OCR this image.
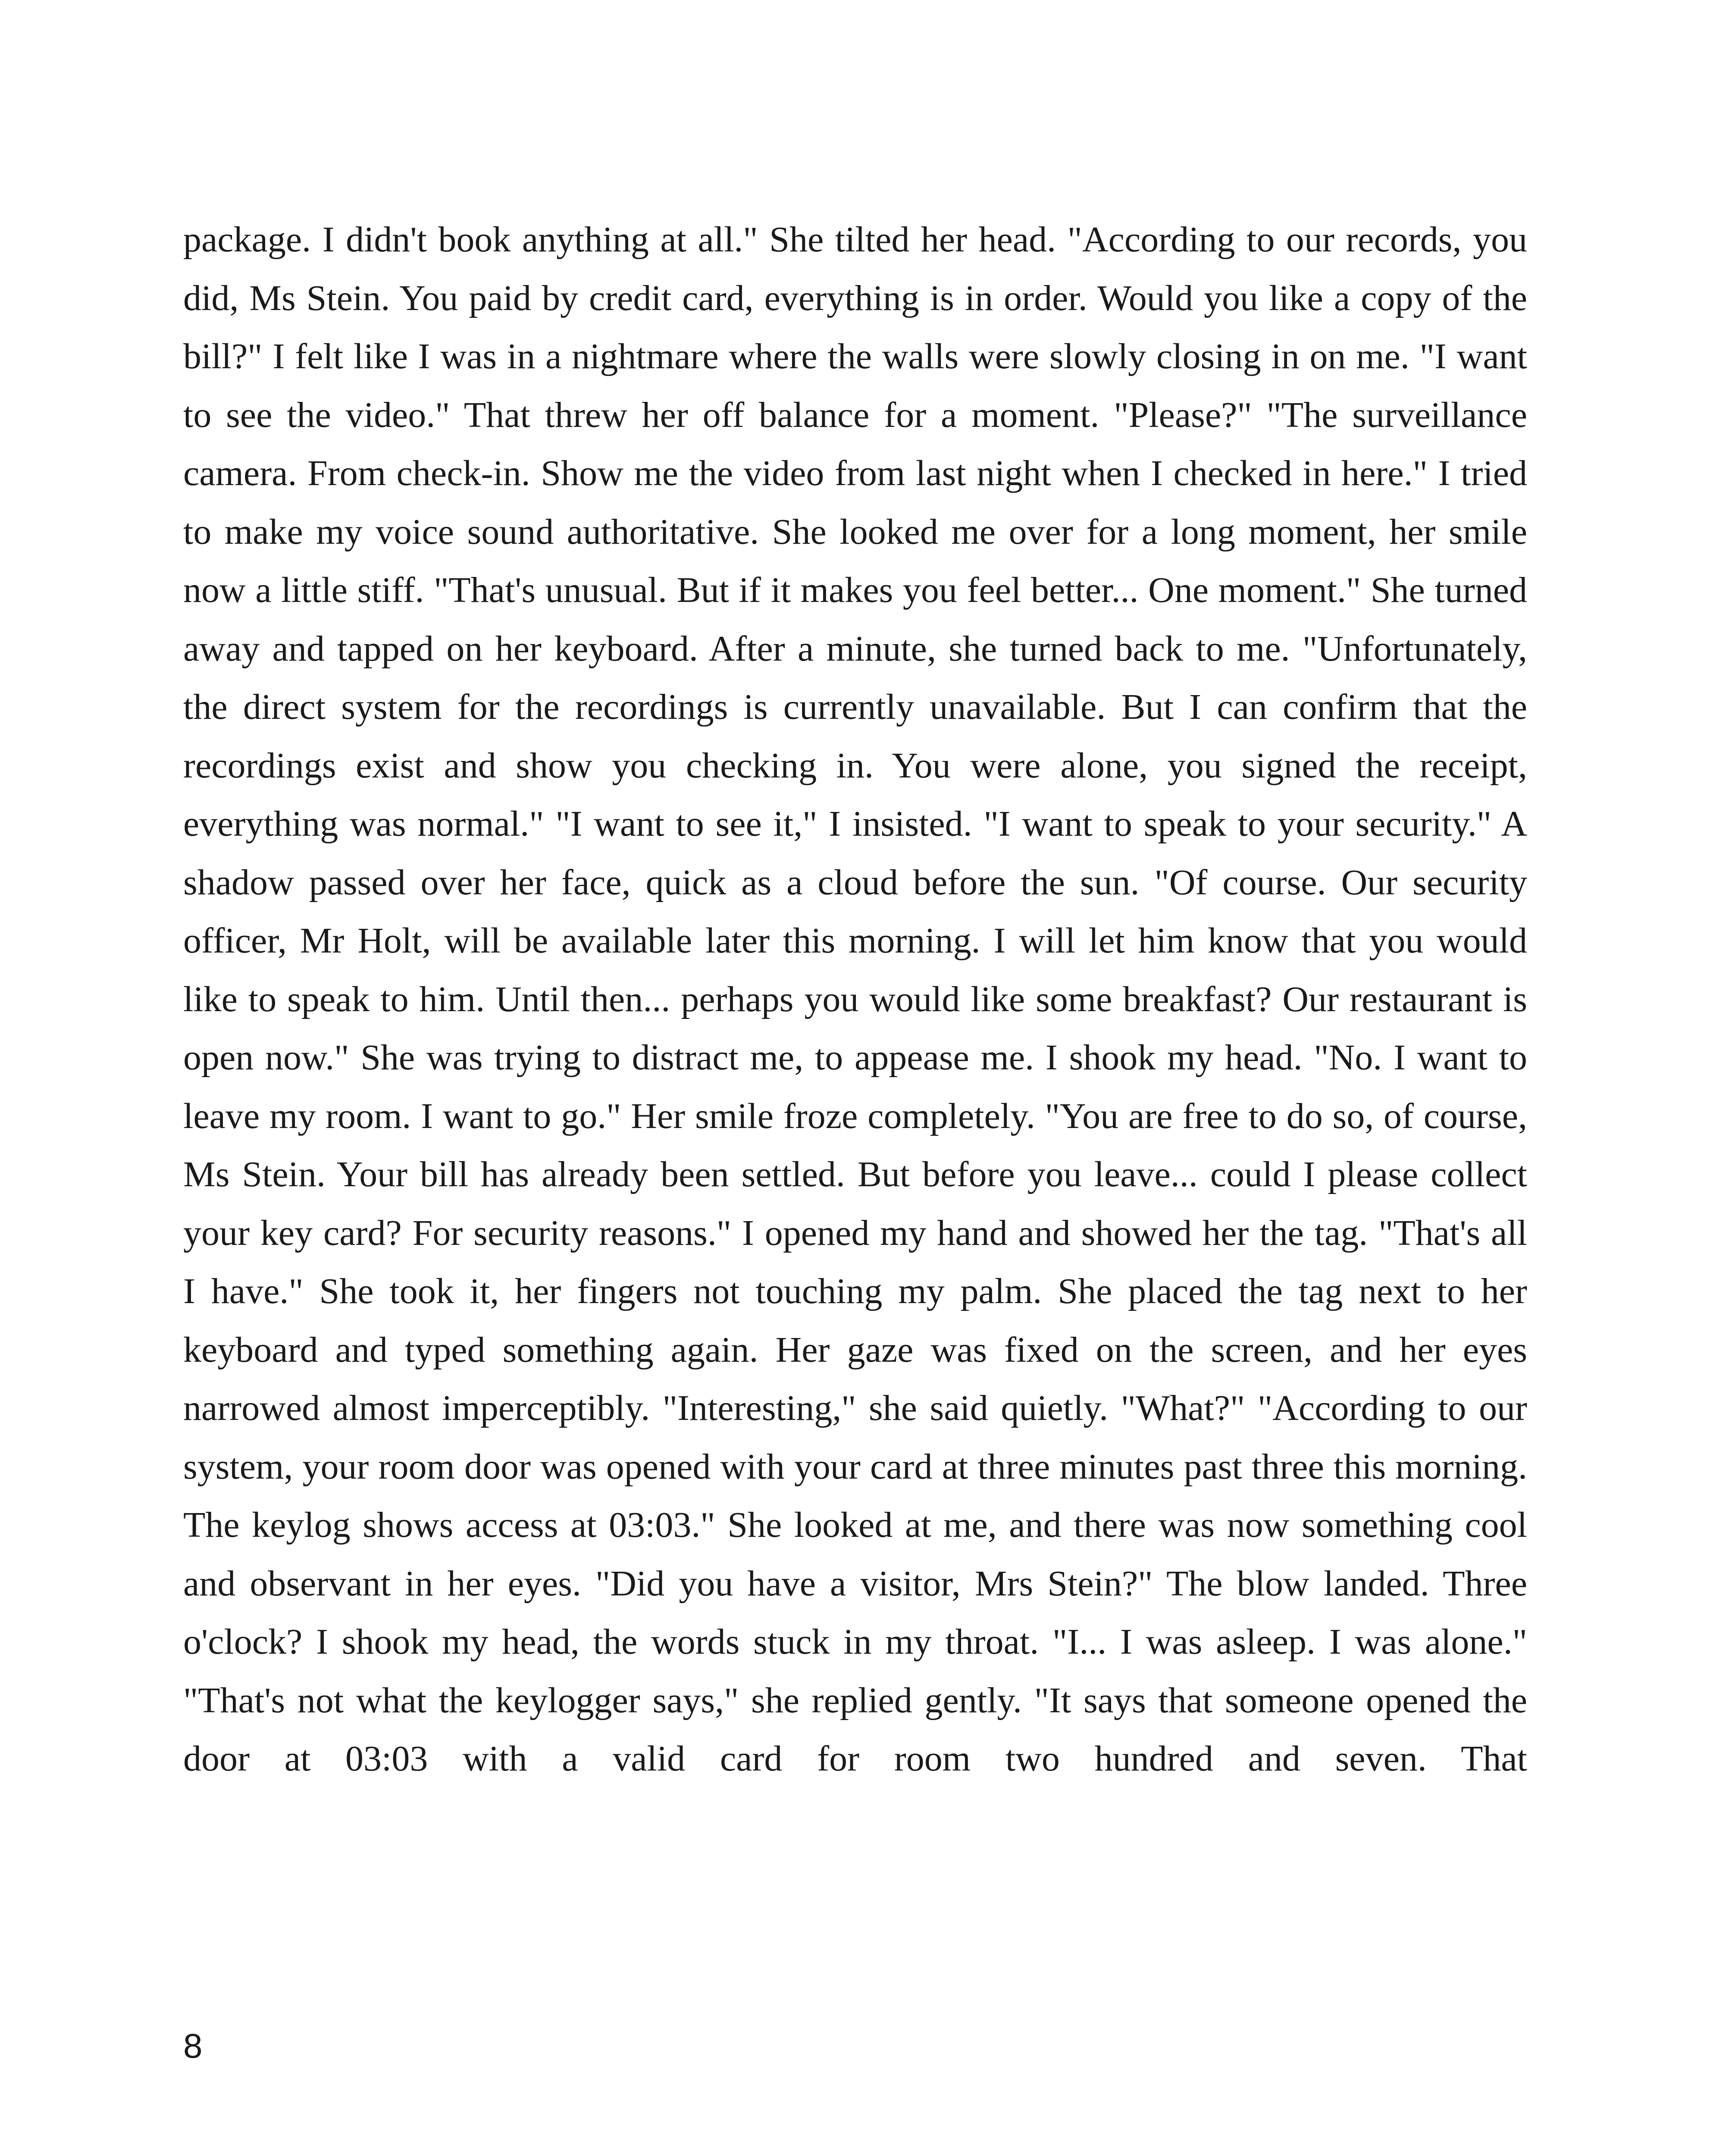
package. I didn't book anything at all." She tilted her head. "According to our records, you did, Ms Stein. You paid by credit card, everything is in order. Would you like a copy of the bill?" I felt like I was in a nightmare where the walls were slowly closing in on me. "I want to see the video." That threw her off balance for a moment. "Please?" "The surveillance camera. From check-in. Show me the video from last night when I checked in here." I tried to make my voice sound authoritative. She looked me over for a long moment, her smile now a little stiff. "That's unusual. But if it makes you feel better... One moment." She turned away and tapped on her keyboard. After a minute, she turned back to me. "Unfortunately, the direct system for the recordings is currently unavailable. But I can confirm that the recordings exist and show you checking in. You were alone, you signed the receipt, everything was normal." "I want to see it," I insisted. "I want to speak to your security." A shadow passed over her face, quick as a cloud before the sun. "Of course. Our security officer, Mr Holt, will be available later this morning. I will let him know that you would like to speak to him. Until then... perhaps you would like some breakfast? Our restaurant is open now." She was trying to distract me, to appease me. I shook my head. "No. I want to leave my room. I want to go." Her smile froze completely. "You are free to do so, of course, Ms Stein. Your bill has already been settled. But before you leave... could I please collect your key card? For security reasons." I opened my hand and showed her the tag. "That's all I have." She took it, her fingers not touching my palm. She placed the tag next to her keyboard and typed something again. Her gaze was fixed on the screen, and her eyes narrowed almost imperceptibly. "Interesting," she said quietly. "What?" "According to our system, your room door was opened with your card at three minutes past three this morning. The keylog shows access at 03:03." She looked at me, and there was now something cool and observant in her eyes. "Did you have a visitor, Mrs Stein?" The blow landed. Three o'clock? I shook my head, the words stuck in my throat. "I... I was asleep. I was alone." "That's not what the keylogger says," she replied gently. "It says that someone opened the door at 03:03 with a valid card for room two hundred and seven. That

8
